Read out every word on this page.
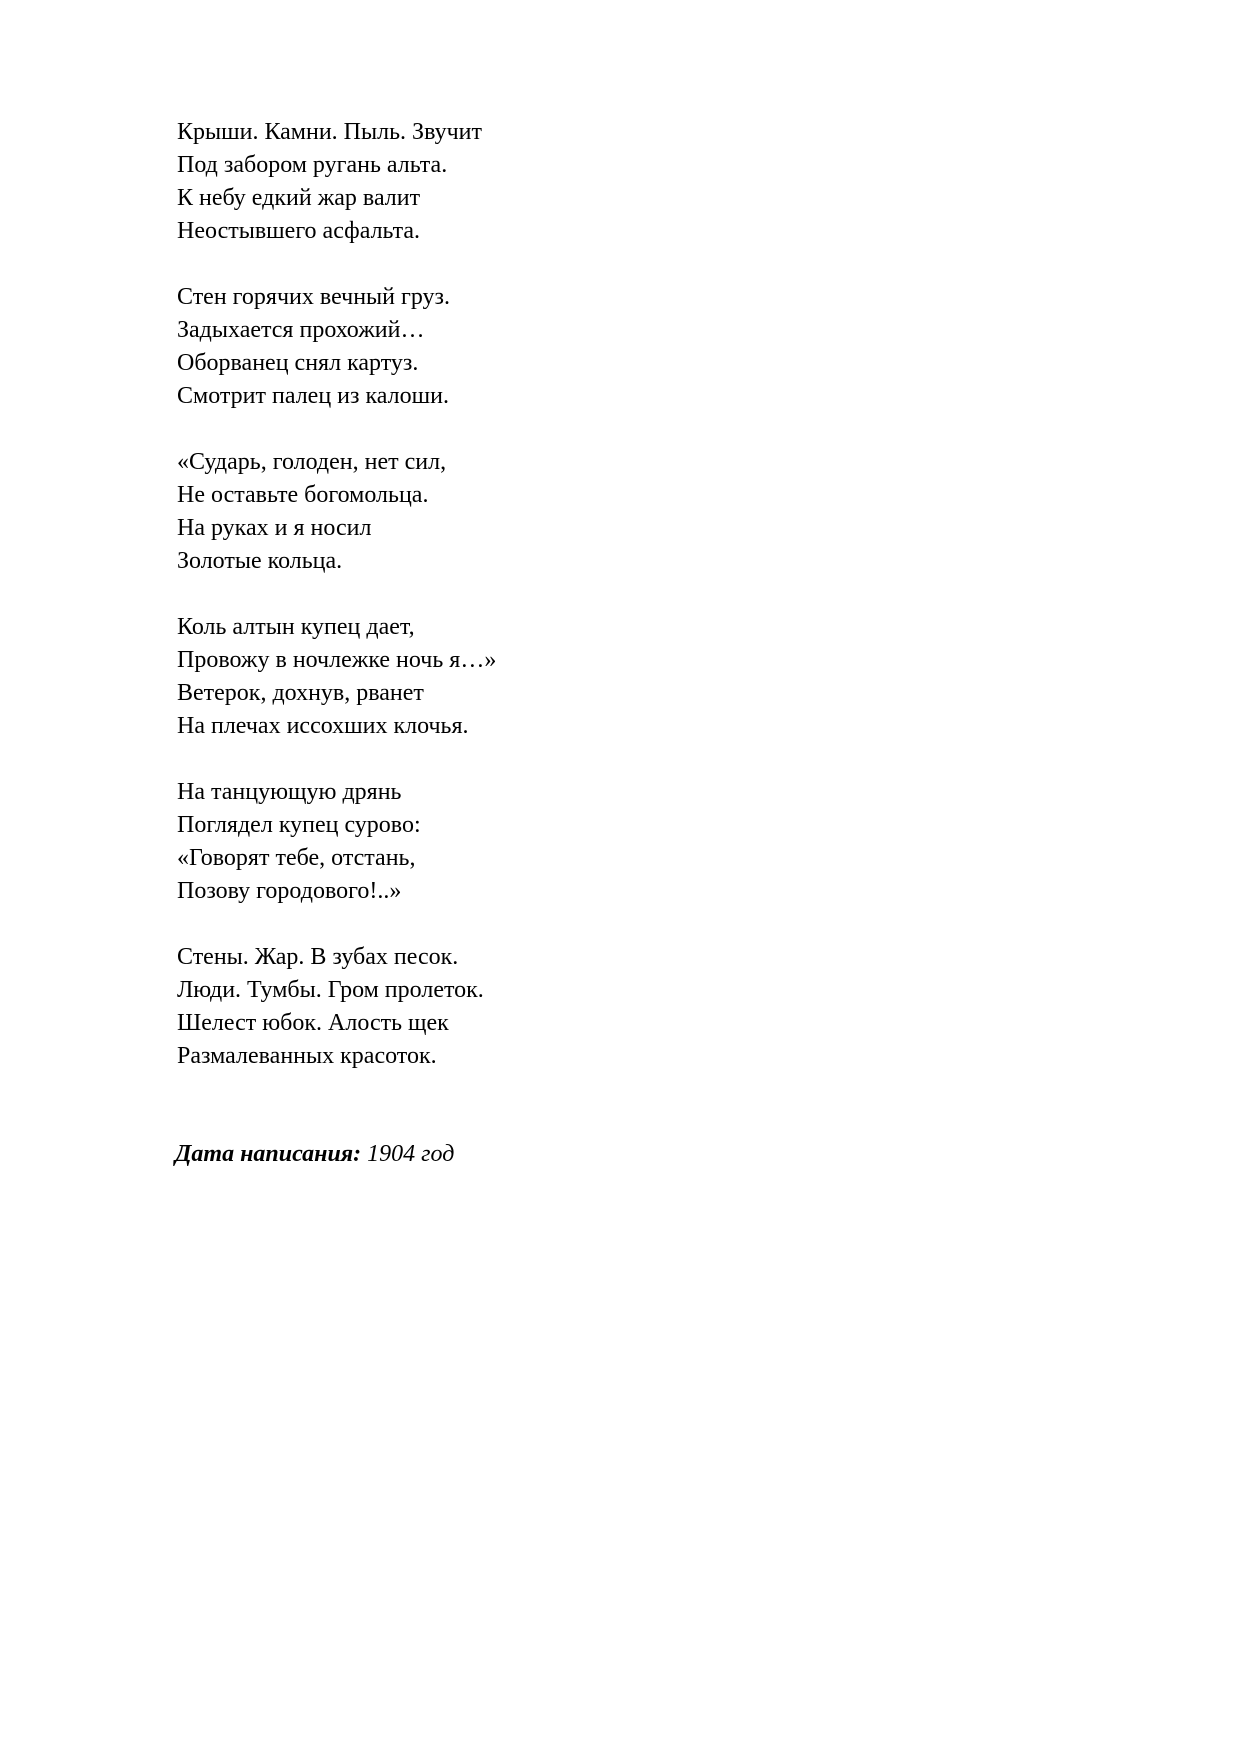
Крыши. Камни. Пыль. Звучит
Под забором ругань альта.
К небу едкий жар валит
Неостывшего асфальта.
Стен горячих вечный груз.
Задыхается прохожий…
Оборванец снял картуз.
Смотрит палец из калоши.
«Сударь, голоден, нет сил,
Не оставьте богомольца.
На руках и я носил
Золотые кольца.
Коль алтын купец дает,
Провожу в ночлежке ночь я…»
Ветерок, дохнув, рванет
На плечах иссохших клочья.
На танцующую дрянь
Поглядел купец сурово:
«Говорят тебе, отстань,
Позову городового!..»
Стены. Жар. В зубах песок.
Люди. Тумбы. Гром пролеток.
Шелест юбок. Алость щек
Размалеванных красоток.
Дата написания: 1904 год
